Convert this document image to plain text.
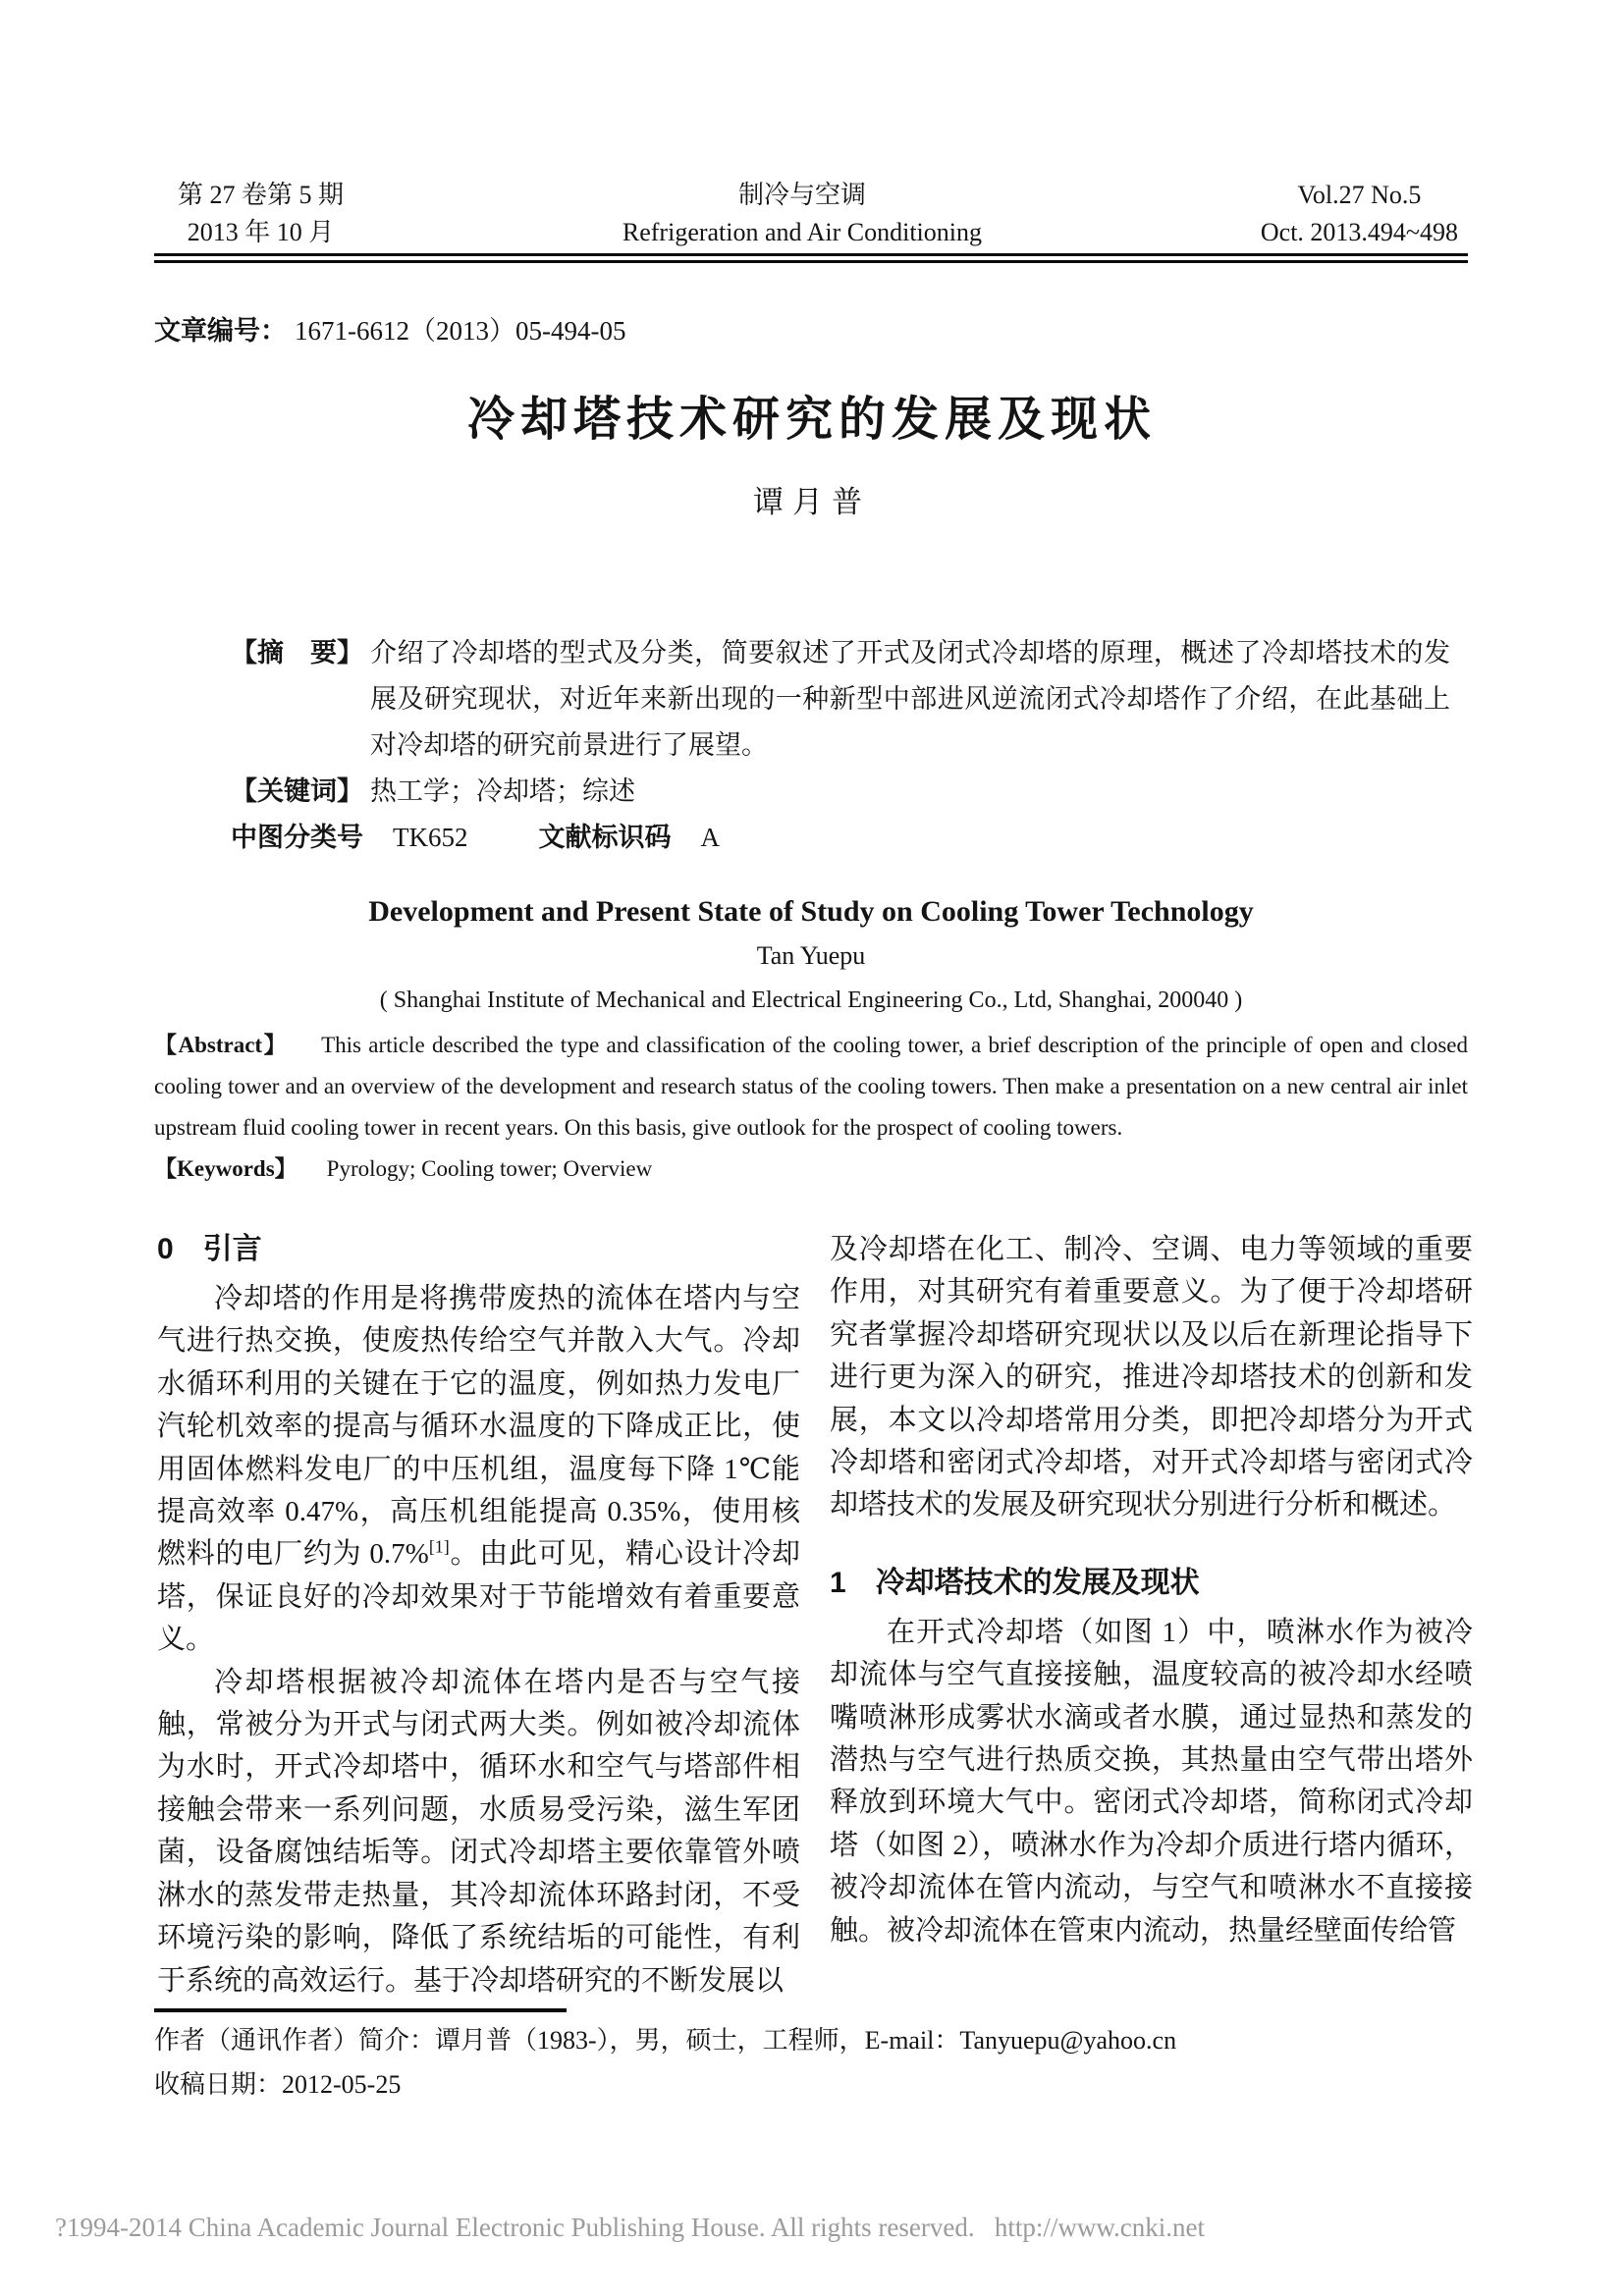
第 27 卷第 5 期
2013 年 10 月
制冷与空调
Refrigeration and Air Conditioning
Vol.27 No.5
Oct. 2013.494~498
文章编号： 1671-6612（2013）05-494-05
冷却塔技术研究的发展及现状
谭月普
【摘　要】 介绍了冷却塔的型式及分类，简要叙述了开式及闭式冷却塔的原理，概述了冷却塔技术的发展及研究现状，对近年来新出现的一种新型中部进风逆流闭式冷却塔作了介绍，在此基础上对冷却塔的研究前景进行了展望。
【关键词】 热工学；冷却塔；综述
中图分类号 TK652	文献标识码 A
Development and Present State of Study on Cooling Tower Technology
Tan Yuepu
( Shanghai Institute of Mechanical and Electrical Engineering Co., Ltd, Shanghai, 200040 )

【Abstract】 This article described the type and classification of the cooling tower, a brief description of the principle of open and closed cooling tower and an overview of the development and research status of the cooling towers. Then make a presentation on a new central air inlet upstream fluid cooling tower in recent years. On this basis, give outlook for the prospect of cooling towers.

【Keywords】 Pyrology; Cooling tower; Overview

0 引言

冷却塔的作用是将携带废热的流体在塔内与空气进行热交换，使废热传给空气并散入大气。冷却水循环利用的关键在于它的温度，例如热力发电厂汽轮机效率的提高与循环水温度的下降成正比，使用固体燃料发电厂的中压机组，温度每下降 1℃能提高效率 0.47%，高压机组能提高 0.35%，使用核燃料的电厂约为 0.7%[1]。由此可见，精心设计冷却塔，保证良好的冷却效果对于节能增效有着重要意义。

冷却塔根据被冷却流体在塔内是否与空气接触，常被分为开式与闭式两大类。例如被冷却流体为水时，开式冷却塔中，循环水和空气与塔部件相接触会带来一系列问题，水质易受污染，滋生军团菌，设备腐蚀结垢等。闭式冷却塔主要依靠管外喷淋水的蒸发带走热量，其冷却流体环路封闭，不受环境污染的影响，降低了系统结垢的可能性，有利于系统的高效运行。基于冷却塔研究的不断发展以

及冷却塔在化工、制冷、空调、电力等领域的重要作用，对其研究有着重要意义。为了便于冷却塔研究者掌握冷却塔研究现状以及以后在新理论指导下进行更为深入的研究，推进冷却塔技术的创新和发展，本文以冷却塔常用分类，即把冷却塔分为开式冷却塔和密闭式冷却塔，对开式冷却塔与密闭式冷却塔技术的发展及研究现状分别进行分析和概述。

1 冷却塔技术的发展及现状

在开式冷却塔（如图 1）中，喷淋水作为被冷却流体与空气直接接触，温度较高的被冷却水经喷嘴喷淋形成雾状水滴或者水膜，通过显热和蒸发的潜热与空气进行热质交换，其热量由空气带出塔外释放到环境大气中。密闭式冷却塔，简称闭式冷却塔（如图 2），喷淋水作为冷却介质进行塔内循环，被冷却流体在管内流动，与空气和喷淋水不直接接触。被冷却流体在管束内流动，热量经壁面传给管

作者（通讯作者）简介：谭月普（1983-），男，硕士，工程师，E-mail：Tanyuepu@yahoo.cn
收稿日期：2012-05-25
?1994-2014 China Academic Journal Electronic Publishing House. All rights reserved.   http://www.cnki.net
